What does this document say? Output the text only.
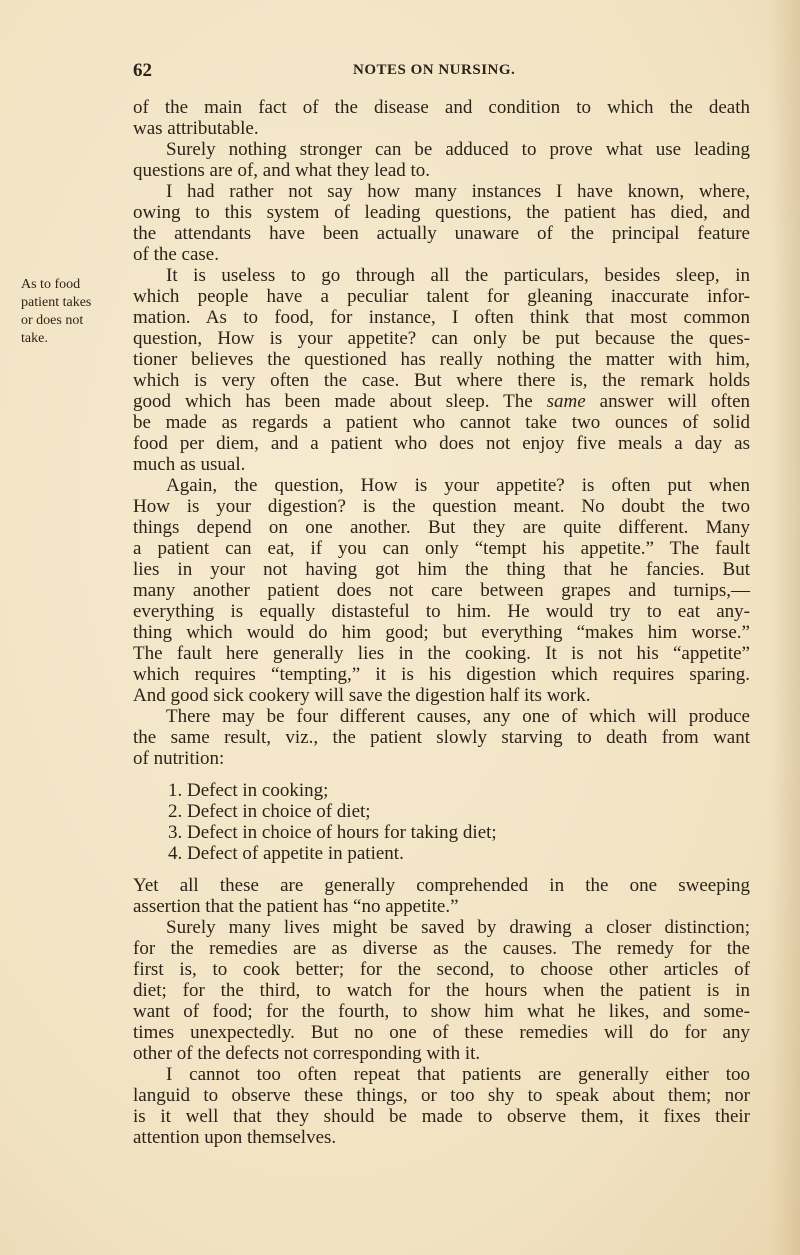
62	NOTES ON NURSING.
As to food
patient takes
or does not
take.
of the main fact of the disease and condition to which the death
was attributable.
Surely nothing stronger can be adduced to prove what use leading
questions are of, and what they lead to.
I had rather not say how many instances I have known, where,
owing to this system of leading questions, the patient has died, and
the attendants have been actually unaware of the principal feature
of the case.
It is useless to go through all the particulars, besides sleep, in
which people have a peculiar talent for gleaning inaccurate infor-
mation. As to food, for instance, I often think that most common
question, How is your appetite? can only be put because the ques-
tioner believes the questioned has really nothing the matter with him,
which is very often the case. But where there is, the remark holds
good which has been made about sleep. The same answer will often
be made as regards a patient who cannot take two ounces of solid
food per diem, and a patient who does not enjoy five meals a day as
much as usual.
Again, the question, How is your appetite? is often put when
How is your digestion? is the question meant. No doubt the two
things depend on one another. But they are quite different. Many
a patient can eat, if you can only “tempt his appetite.” The fault
lies in your not having got him the thing that he fancies. But
many another patient does not care between grapes and turnips,—
everything is equally distasteful to him. He would try to eat any-
thing which would do him good; but everything “makes him worse.”
The fault here generally lies in the cooking. It is not his “appetite”
which requires “tempting,” it is his digestion which requires sparing.
And good sick cookery will save the digestion half its work.
There may be four different causes, any one of which will produce
the same result, viz., the patient slowly starving to death from want
of nutrition:
1. Defect in cooking;
2. Defect in choice of diet;
3. Defect in choice of hours for taking diet;
4. Defect of appetite in patient.
Yet all these are generally comprehended in the one sweeping
assertion that the patient has “no appetite.”
Surely many lives might be saved by drawing a closer distinction;
for the remedies are as diverse as the causes. The remedy for the
first is, to cook better; for the second, to choose other articles of
diet; for the third, to watch for the hours when the patient is in
want of food; for the fourth, to show him what he likes, and some-
times unexpectedly. But no one of these remedies will do for any
other of the defects not corresponding with it.
I cannot too often repeat that patients are generally either too
languid to observe these things, or too shy to speak about them; nor
is it well that they should be made to observe them, it fixes their
attention upon themselves.
